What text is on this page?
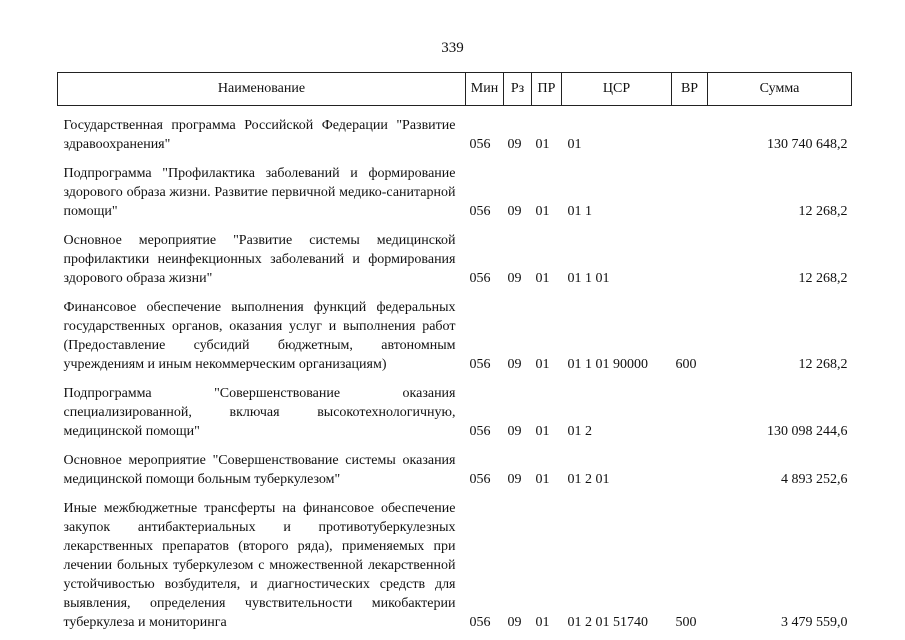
339
Наименование	Мин	Рз	ПР	ЦСР	ВР	Сумма

Государственная программа Российской Федерации "Развитие здравоохранения"	056	09	01	01		130 740 648,2

Подпрограмма "Профилактика заболеваний и формирование здорового образа жизни. Развитие первичной медико-санитарной помощи"	056	09	01	01 1		12 268,2

Основное мероприятие "Развитие системы медицинской профилактики неинфекционных заболеваний и формирования здорового образа жизни"	056	09	01	01 1 01		12 268,2

Финансовое обеспечение выполнения функций федеральных государственных органов, оказания услуг и выполнения работ (Предоставление субсидий бюджетным, автономным учреждениям и иным некоммерческим организациям)	056	09	01	01 1 01 90000	600	12 268,2

Подпрограмма "Совершенствование оказания специализированной, включая высокотехнологичную, медицинской помощи"	056	09	01	01 2		130 098 244,6

Основное мероприятие "Совершенствование системы оказания медицинской помощи больным туберкулезом"	056	09	01	01 2 01		4 893 252,6

Иные межбюджетные трансферты на финансовое обеспечение закупок антибактериальных и противотуберкулезных лекарственных препаратов (второго ряда), применяемых при лечении больных туберкулезом с множественной лекарственной устойчивостью возбудителя, и диагностических средств для выявления, определения чувствительности микобактерии туберкулеза и мониторинга	056	09	01	01 2 01 51740	500	3 479 559,0
